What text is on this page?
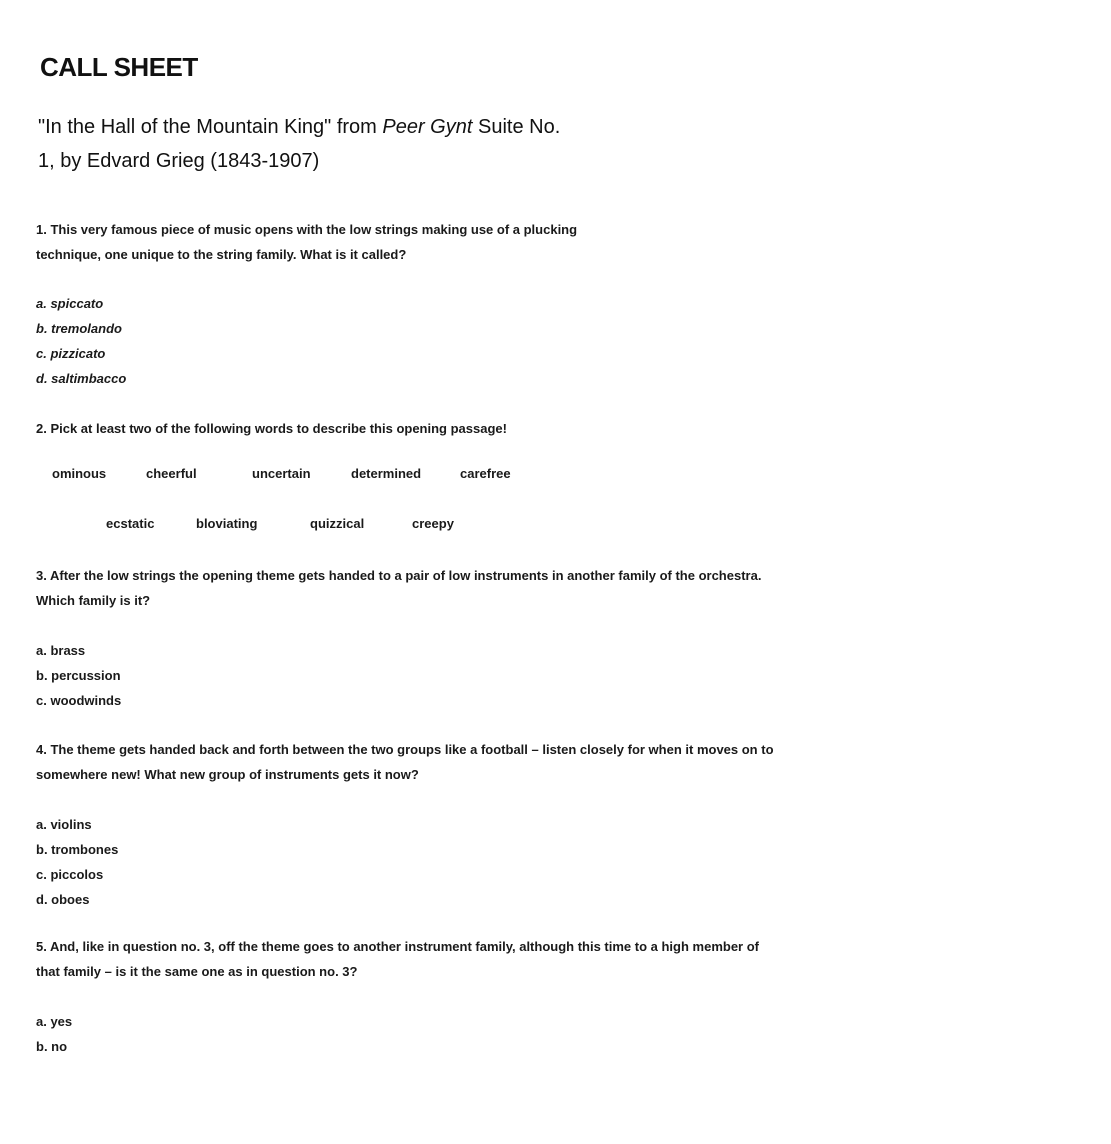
CALL SHEET
"In the Hall of the Mountain King" from Peer Gynt Suite No.
1, by Edvard Grieg (1843-1907)
1. This very famous piece of music opens with the low strings making use of a plucking
technique, one unique to the string family. What is it called?
a. spiccato
b. tremolando
c. pizzicato
d. saltimbacco
2. Pick at least two of the following words to describe this opening passage!
ominous	cheerful	uncertain	determined	carefree
ecstatic	bloviating	quizzical	creepy
3. After the low strings the opening theme gets handed to a pair of low instruments in another family of the orchestra.
Which family is it?
a. brass
b. percussion
c. woodwinds
4. The theme gets handed back and forth between the two groups like a football – listen closely for when it moves on to
somewhere new! What new group of instruments gets it now?
a. violins
b. trombones
c. piccolos
d. oboes
5. And, like in question no. 3, off the theme goes to another instrument family, although this time to a high member of
that family – is it the same one as in question no. 3?
a. yes
b. no
